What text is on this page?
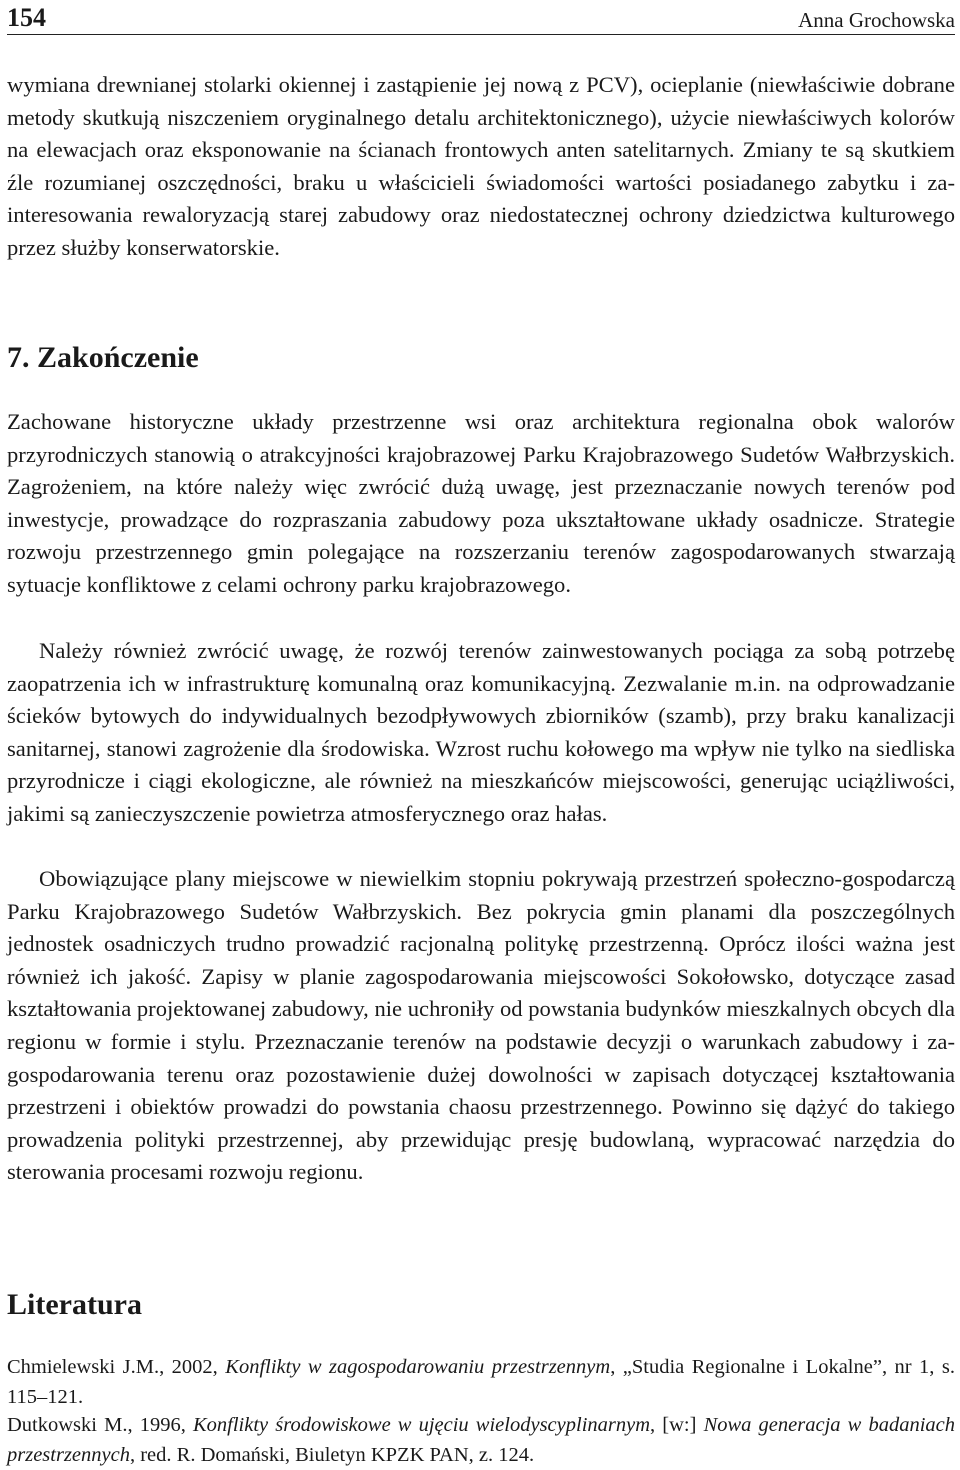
154	Anna Grochowska

wymiana drewnianej stolarki okiennej i zastąpienie jej nową z PCV), ocieplanie (niewłaściwie dobrane metody skutkują niszczeniem oryginalnego detalu architektonicznego), użycie niewłaściwych kolorów na elewacjach oraz eksponowanie na ścianach frontowych anten satelitarnych. Zmiany te są skutkiem źle rozumianej oszczędności, braku u właścicieli świadomości wartości posiadanego zabytku i zainteresowania rewaloryzacją starej zabudowy oraz niedostatecznej ochrony dziedzictwa kulturowego przez służby konserwatorskie.

7. Zakończenie

Zachowane historyczne układy przestrzenne wsi oraz architektura regionalna obok walorów przyrodniczych stanowią o atrakcyjności krajobrazowej Parku Krajobrazowego Sudetów Wałbrzyskich. Zagrożeniem, na które należy więc zwrócić dużą uwagę, jest przeznaczanie nowych terenów pod inwestycje, prowadzące do rozpraszania zabudowy poza ukształtowane układy osadnicze. Strategie rozwoju przestrzennego gmin polegające na rozszerzaniu terenów zagospodarowanych stwarzają sytuacje konfliktowe z celami ochrony parku krajobrazowego.

Należy również zwrócić uwagę, że rozwój terenów zainwestowanych pociąga za sobą potrzebę zaopatrzenia ich w infrastrukturę komunalną oraz komunikacyjną. Zezwalanie m.in. na odprowadzanie ścieków bytowych do indywidualnych bezodpływowych zbiorników (szamb), przy braku kanalizacji sanitarnej, stanowi zagrożenie dla środowiska. Wzrost ruchu kołowego ma wpływ nie tylko na siedliska przyrodnicze i ciągi ekologiczne, ale również na mieszkańców miejscowości, generując uciążliwości, jakimi są zanieczyszczenie powietrza atmosferycznego oraz hałas.

Obowiązujące plany miejscowe w niewielkim stopniu pokrywają przestrzeń społeczno-gospodarczą Parku Krajobrazowego Sudetów Wałbrzyskich. Bez pokrycia gmin planami dla poszczególnych jednostek osadniczych trudno prowadzić racjonalną politykę przestrzenną. Oprócz ilości ważna jest również ich jakość. Zapisy w planie zagospodarowania miejscowości Sokołowsko, dotyczące zasad kształtowania projektowanej zabudowy, nie uchroniły od powstania budynków mieszkalnych obcych dla regionu w formie i stylu. Przeznaczanie terenów na podstawie decyzji o warunkach zabudowy i zagospodarowania terenu oraz pozostawienie dużej dowolności w zapisach dotyczącej kształtowania przestrzeni i obiektów prowadzi do powstania chaosu przestrzennego. Powinno się dążyć do takiego prowadzenia polityki przestrzennej, aby przewidując presję budowlaną, wypracować narzędzia do sterowania procesami rozwoju regionu.

Literatura

Chmielewski J.M., 2002, Konflikty w zagospodarowaniu przestrzennym, „Studia Regionalne i Lokalne”, nr 1, s. 115–121.

Dutkowski M., 1996, Konflikty środowiskowe w ujęciu wielodyscyplinarnym, [w:] Nowa generacja w badaniach przestrzennych, red. R. Domański, Biuletyn KPZK PAN, z. 124.
